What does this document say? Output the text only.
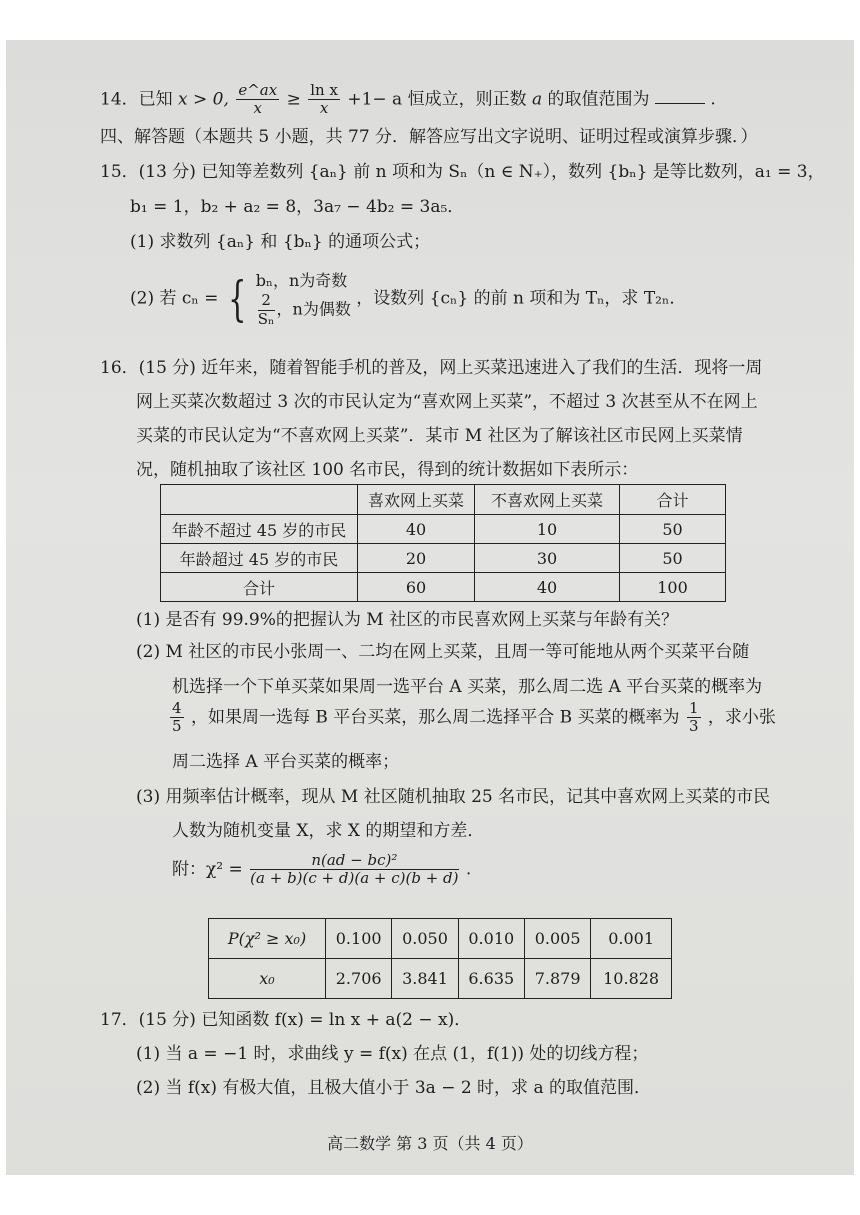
14．已知 x > 0, $\frac{e\^{}ax}{x} \ge \frac{\text{ln x}}{x} +1- a$ 恒成立，则正数 a 的取值范围为	.
四、解答题（本题共 5 小题，共 77 分．解答应写出文字说明、证明过程或演算步骤．）
15．(13 分) 已知等差数列 {aₙ} 前 n 项和为 Sₙ（n ∈ N₊），数列 {bₙ} 是等比数列，a₁ = 3，
b₁ = 1，b₂ + a₂ = 8，3a₇ − 4b₂ = 3a₅．
(1) 求数列 {aₙ} 和 {bₙ} 的通项公式；
(2) 若 cₙ = { bₙ，n为奇数

$\frac{2}{\text{Sₙ}}$ ，n为偶数 ，设数列 {cₙ} 的前 n 项和为 Tₙ，求 T₂ₙ．
16．(15 分) 近年来，随着智能手机的普及，网上买菜迅速进入了我们的生活．现将一周
网上买菜次数超过 3 次的市民认定为“喜欢网上买菜”，不超过 3 次甚至从不在网上
买菜的市民认定为“不喜欢网上买菜”．某市 M 社区为了解该社区市民网上买菜情
况，随机抽取了该社区 100 名市民，得到的统计数据如下表所示：
	喜欢网上买菜	不喜欢网上买菜	合计
年龄不超过 45 岁的市民	40	10	50
年龄超过 45 岁的市民	20	30	50
合计	60	40	100
(1) 是否有 99.9%的把握认为 M 社区的市民喜欢网上买菜与年龄有关？
(2) M 社区的市民小张周一、二均在网上买菜，且周一等可能地从两个买菜平台随
机选择一个下单买菜如果周一选平台 A 买菜，那么周二选 A 平台买菜的概率为
$\frac{4}{5}$ ，如果周一选每 B 平台买菜，那么周二选择平合 B 买菜的概率为 $\frac{1}{3}$ ，求小张
周二选择 A 平台买菜的概率；
(3) 用频率估计概率，现从 M 社区随机抽取 25 名市民，记其中喜欢网上买菜的市民
人数为随机变量 X，求 X 的期望和方差．
附：$\chi^2 = \frac{\text{n(ad − bc)²}}{(a + b)(c + d)(a + c)(b + d)}$ .
P(χ² ≥ x₀)	0.100	0.050	0.010	0.005	0.001
x₀	2.706	3.841	6.635	7.879	10.828
17．(15 分) 已知函数 f(x) = ln x + a(2 − x)．
(1) 当 a = −1 时，求曲线 y = f(x) 在点 (1，f(1)) 处的切线方程；
(2) 当 f(x) 有极大值，且极大值小于 3a − 2 时，求 a 的取值范围．
高二数学 第 3 页（共 4 页）
